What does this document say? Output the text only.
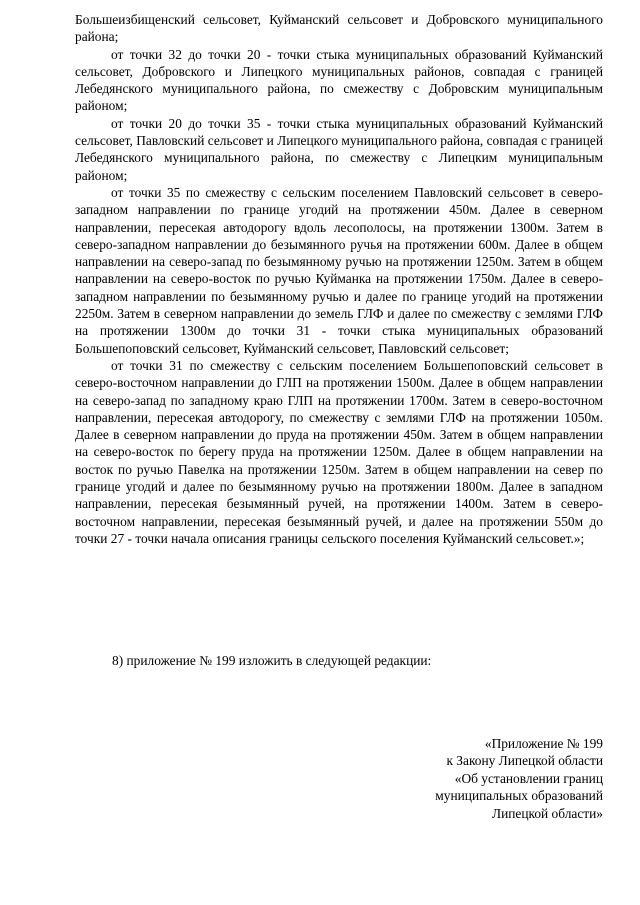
Большеизбищенский сельсовет, Куйманский сельсовет и Добровского муниципального района;

от точки 32 до точки 20 - точки стыка муниципальных образований Куйманский сельсовет, Добровского и Липецкого муниципальных районов, совпадая с границей Лебедянского муниципального района, по смежеству с Добровским муниципальным районом;

от точки 20 до точки 35 - точки стыка муниципальных образований Куйманский сельсовет, Павловский сельсовет и Липецкого муниципального района, совпадая с границей Лебедянского муниципального района, по смежеству с Липецким муниципальным районом;

от точки 35 по смежеству с сельским поселением Павловский сельсовет в северо-западном направлении по границе угодий на протяжении 450м. Далее в северном направлении, пересекая автодорогу вдоль лесополосы, на протяжении 1300м. Затем в северо-западном направлении до безымянного ручья на протяжении 600м. Далее в общем направлении на северо-запад по безымянному ручью на протяжении 1250м. Затем в общем направлении на северо-восток по ручью Куйманка на протяжении 1750м. Далее в северо-западном направлении по безымянному ручью и далее по границе угодий на протяжении 2250м. Затем в северном направлении до земель ГЛФ и далее по смежеству с землями ГЛФ на протяжении 1300м до точки 31 - точки стыка муниципальных образований Большепоповский сельсовет, Куйманский сельсовет, Павловский сельсовет;

от точки 31 по смежеству с сельским поселением Большепоповский сельсовет в северо-восточном направлении до ГЛП на протяжении 1500м. Далее в общем направлении на северо-запад по западному краю ГЛП на протяжении 1700м. Затем в северо-восточном направлении, пересекая автодорогу, по смежеству с землями ГЛФ на протяжении 1050м. Далее в северном направлении до пруда на протяжении 450м. Затем в общем направлении на северо-восток по берегу пруда на протяжении 1250м. Далее в общем направлении на восток по ручью Павелка на протяжении 1250м. Затем в общем направлении на север по границе угодий и далее по безымянному ручью на протяжении 1800м. Далее в западном направлении, пересекая безымянный ручей, на протяжении 1400м. Затем в северо-восточном направлении, пересекая безымянный ручей, и далее на протяжении 550м до точки 27 - точки начала описания границы сельского поселения Куйманский сельсовет.»;

8) приложение № 199 изложить в следующей редакции:

«Приложение № 199
к Закону Липецкой области
«Об установлении границ
муниципальных образований
Липецкой области»
